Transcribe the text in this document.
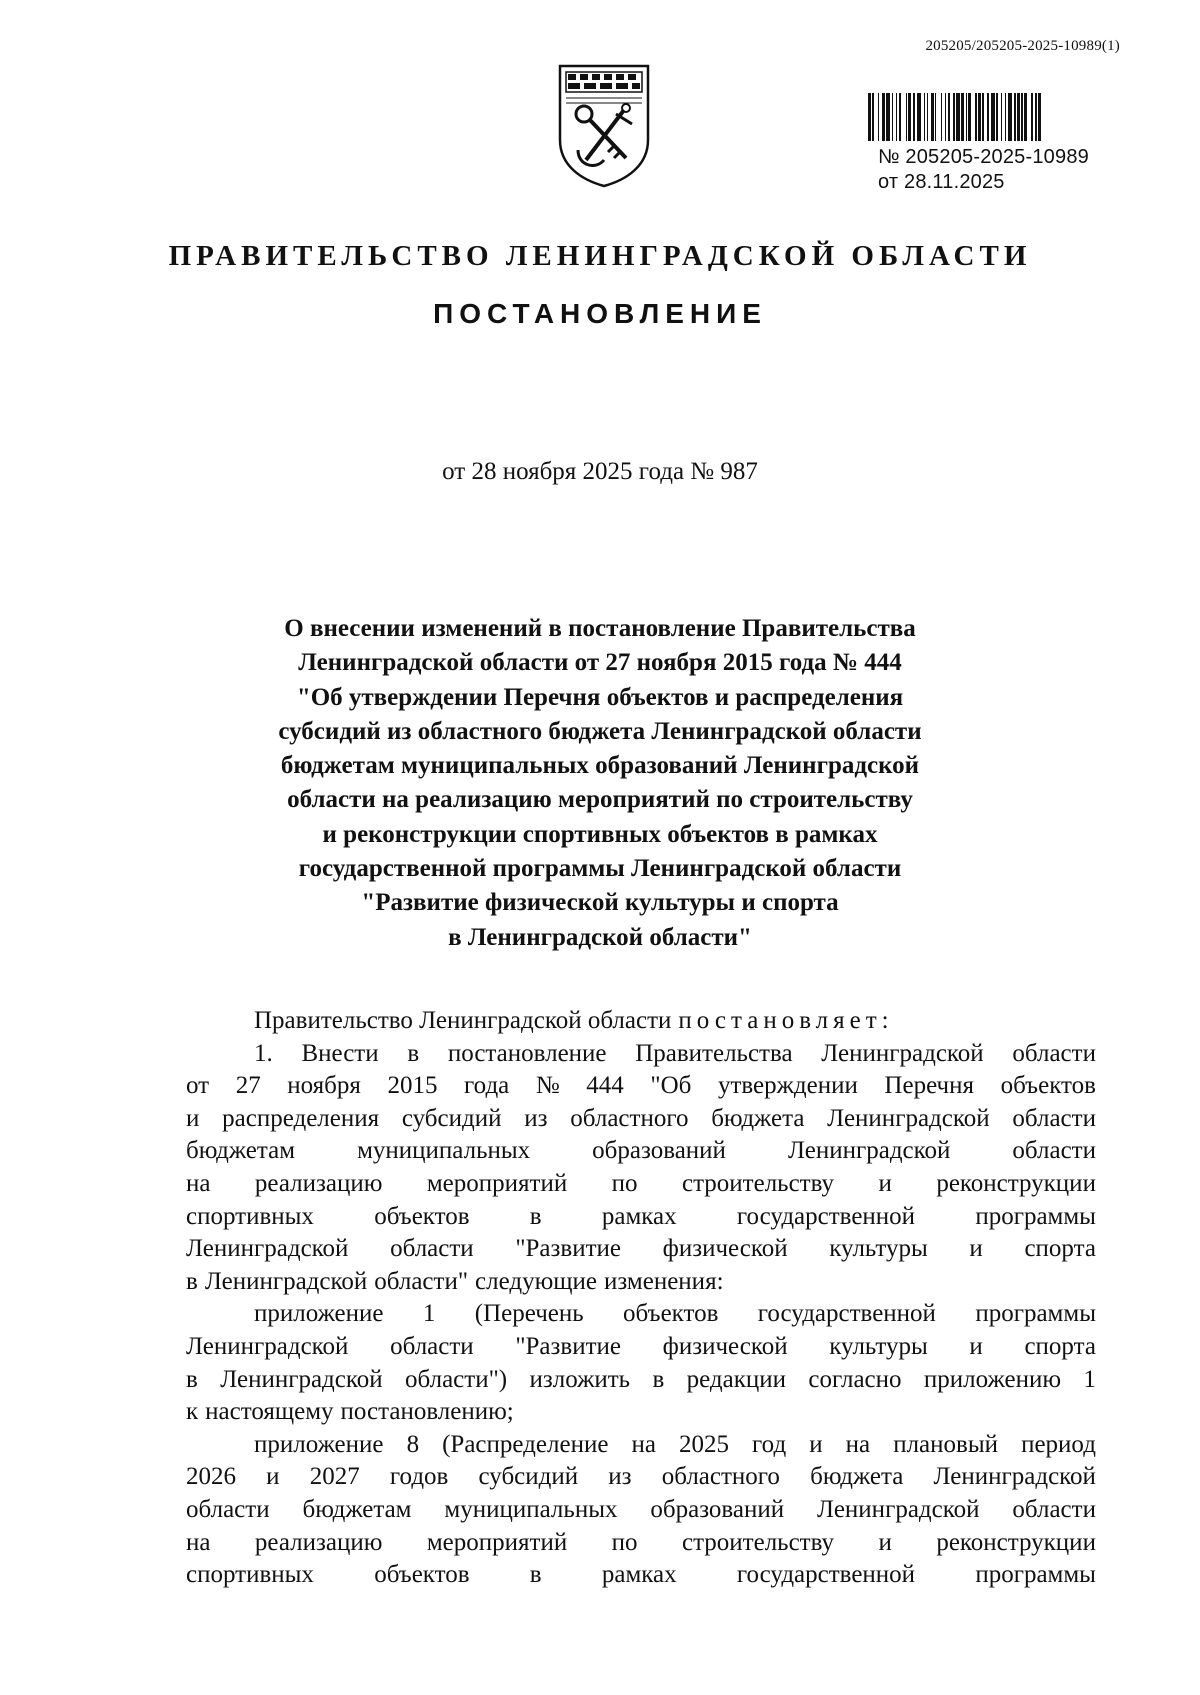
205205/205205-2025-10989(1)
№ 205205-2025-10989
от 28.11.2025
ПРАВИТЕЛЬСТВО ЛЕНИНГРАДСКОЙ ОБЛАСТИ
ПОСТАНОВЛЕНИЕ
от 28 ноября 2025 года № 987
О внесении изменений в постановление Правительства
Ленинградской области от 27 ноября 2015 года № 444
"Об утверждении Перечня объектов и распределения
субсидий из областного бюджета Ленинградской области
бюджетам муниципальных образований Ленинградской
области на реализацию мероприятий по строительству
и реконструкции спортивных объектов в рамках
государственной программы Ленинградской области
"Развитие физической культуры и спорта
в Ленинградской области"
Правительство Ленинградской области постановляет:
1. Внести в постановление Правительства Ленинградской области
от 27 ноября 2015 года № 444 "Об утверждении Перечня объектов
и распределения субсидий из областного бюджета Ленинградской области
бюджетам муниципальных образований Ленинградской области
на реализацию мероприятий по строительству и реконструкции
спортивных объектов в рамках государственной программы
Ленинградской области "Развитие физической культуры и спорта
в Ленинградской области" следующие изменения:
приложение 1 (Перечень объектов государственной программы
Ленинградской области "Развитие физической культуры и спорта
в Ленинградской области") изложить в редакции согласно приложению 1
к настоящему постановлению;
приложение 8 (Распределение на 2025 год и на плановый период
2026 и 2027 годов субсидий из областного бюджета Ленинградской
области бюджетам муниципальных образований Ленинградской области
на реализацию мероприятий по строительству и реконструкции
спортивных объектов в рамках государственной программы
